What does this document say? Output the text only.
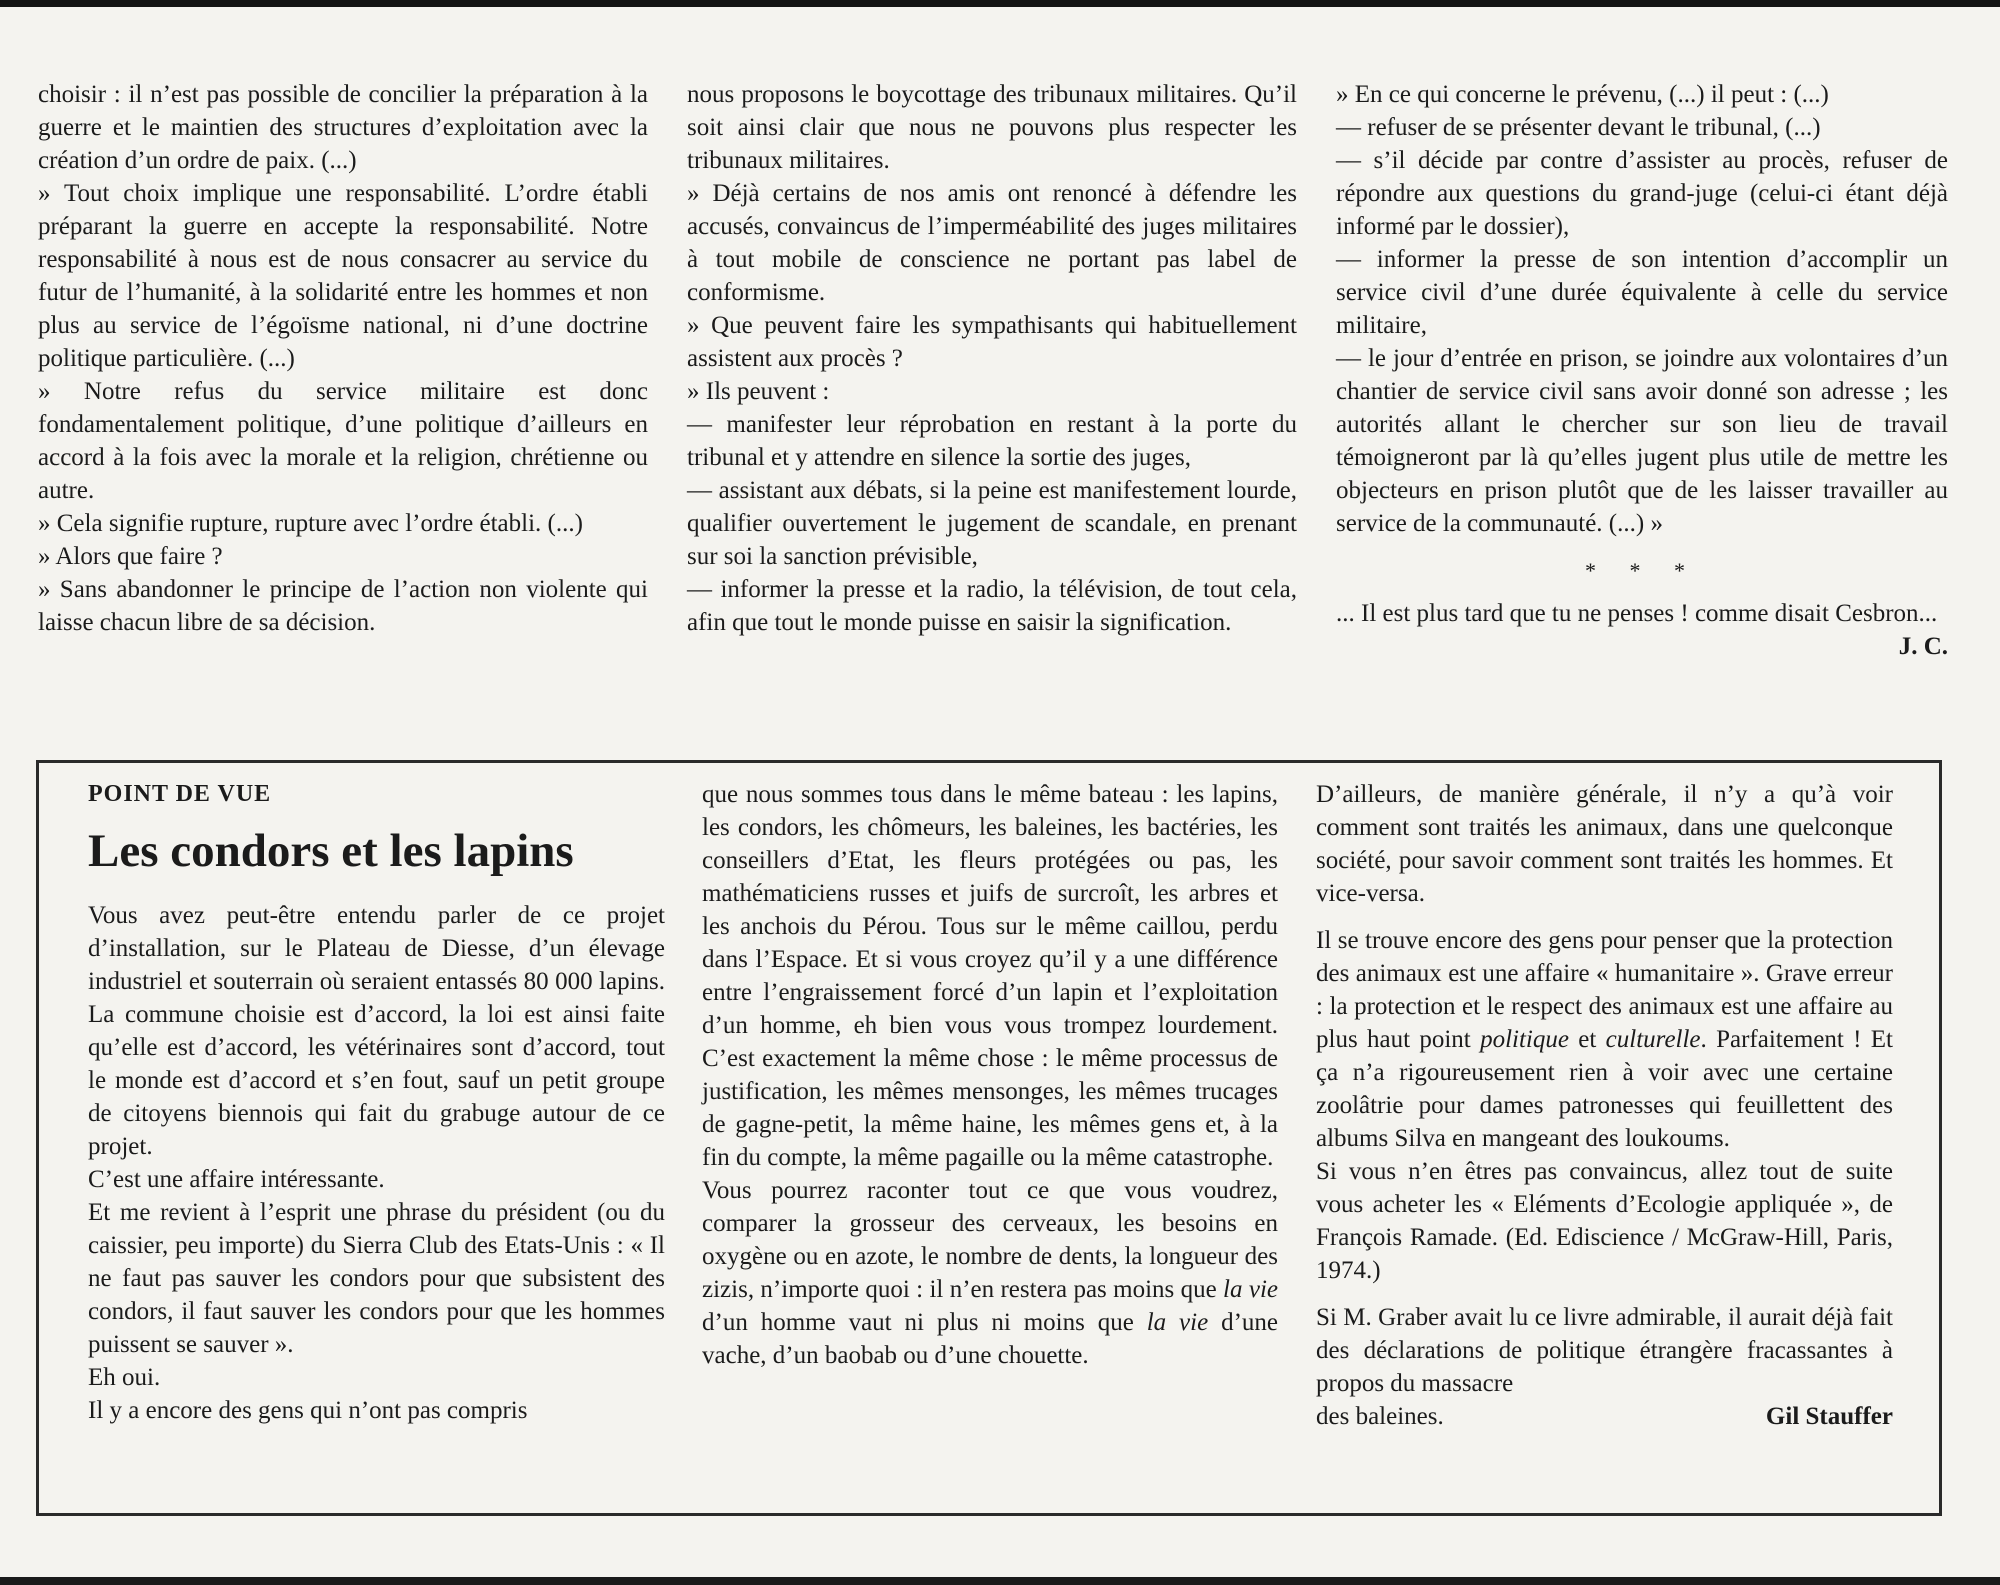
choisir : il n’est pas possible de concilier la préparation à la guerre et le maintien des structures d’exploitation avec la création d’un ordre de paix. (...)

» Tout choix implique une responsabilité. L’ordre établi préparant la guerre en accepte la responsabilité. Notre responsabilité à nous est de nous consacrer au service du futur de l’humanité, à la solidarité entre les hommes et non plus au service de l’égoïsme national, ni d’une doctrine politique particulière. (...)

» Notre refus du service militaire est donc fondamentalement politique, d’une politique d’ailleurs en accord à la fois avec la morale et la religion, chrétienne ou autre.

» Cela signifie rupture, rupture avec l’ordre établi. (...)

» Alors que faire ?

» Sans abandonner le principe de l’action non violente qui laisse chacun libre de sa décision.

nous proposons le boycottage des tribunaux militaires. Qu’il soit ainsi clair que nous ne pouvons plus respecter les tribunaux militaires.

» Déjà certains de nos amis ont renoncé à défendre les accusés, convaincus de l’imperméabilité des juges militaires à tout mobile de conscience ne portant pas label de conformisme.

» Que peuvent faire les sympathisants qui habituellement assistent aux procès ?

» Ils peuvent :

— manifester leur réprobation en restant à la porte du tribunal et y attendre en silence la sortie des juges,

— assistant aux débats, si la peine est manifestement lourde, qualifier ouvertement le jugement de scandale, en prenant sur soi la sanction prévisible,

— informer la presse et la radio, la télévision, de tout cela, afin que tout le monde puisse en saisir la signification.

» En ce qui concerne le prévenu, (...) il peut : (...)

— refuser de se présenter devant le tribunal, (...)

— s’il décide par contre d’assister au procès, refuser de répondre aux questions du grand-juge (celui-ci étant déjà informé par le dossier),

— informer la presse de son intention d’accomplir un service civil d’une durée équivalente à celle du service militaire,

— le jour d’entrée en prison, se joindre aux volontaires d’un chantier de service civil sans avoir donné son adresse ; les autorités allant le chercher sur son lieu de travail témoigneront par là qu’elles jugent plus utile de mettre les objecteurs en prison plutôt que de les laisser travailler au service de la communauté. (...) »

* * *

... Il est plus tard que tu ne penses ! comme disait Cesbron...

J. C.

POINT DE VUE

Les condors et les lapins

Vous avez peut-être entendu parler de ce projet d’installation, sur le Plateau de Diesse, d’un élevage industriel et souterrain où seraient entassés 80 000 lapins. La commune choisie est d’accord, la loi est ainsi faite qu’elle est d’accord, les vétérinaires sont d’accord, tout le monde est d’accord et s’en fout, sauf un petit groupe de citoyens biennois qui fait du grabuge autour de ce projet.

C’est une affaire intéressante.

Et me revient à l’esprit une phrase du président (ou du caissier, peu importe) du Sierra Club des Etats-Unis : « Il ne faut pas sauver les condors pour que subsistent des condors, il faut sauver les condors pour que les hommes puissent se sauver ».

Eh oui.

Il y a encore des gens qui n’ont pas compris

que nous sommes tous dans le même bateau : les lapins, les condors, les chômeurs, les baleines, les bactéries, les conseillers d’Etat, les fleurs protégées ou pas, les mathématiciens russes et juifs de surcroît, les arbres et les anchois du Pérou. Tous sur le même caillou, perdu dans l’Espace. Et si vous croyez qu’il y a une différence entre l’engraissement forcé d’un lapin et l’exploitation d’un homme, eh bien vous vous trompez lourdement. C’est exactement la même chose : le même processus de justification, les mêmes mensonges, les mêmes trucages de gagne-petit, la même haine, les mêmes gens et, à la fin du compte, la même pagaille ou la même catastrophe.

Vous pourrez raconter tout ce que vous voudrez, comparer la grosseur des cerveaux, les besoins en oxygène ou en azote, le nombre de dents, la longueur des zizis, n’importe quoi : il n’en restera pas moins que la vie d’un homme vaut ni plus ni moins que la vie d’une vache, d’un baobab ou d’une chouette.

D’ailleurs, de manière générale, il n’y a qu’à voir comment sont traités les animaux, dans une quelconque société, pour savoir comment sont traités les hommes. Et vice-versa.

Il se trouve encore des gens pour penser que la protection des animaux est une affaire « humanitaire ». Grave erreur : la protection et le respect des animaux est une affaire au plus haut point politique et culturelle. Parfaitement ! Et ça n’a rigoureusement rien à voir avec une certaine zoolâtrie pour dames patronesses qui feuillettent des albums Silva en mangeant des loukoums.

Si vous n’en êtres pas convaincus, allez tout de suite vous acheter les « Eléments d’Ecologie appliquée », de François Ramade. (Ed. Ediscience / McGraw-Hill, Paris, 1974.)

Si M. Graber avait lu ce livre admirable, il aurait déjà fait des déclarations de politique étrangère fracassantes à propos du massacre

des baleines.	Gil Stauffer
